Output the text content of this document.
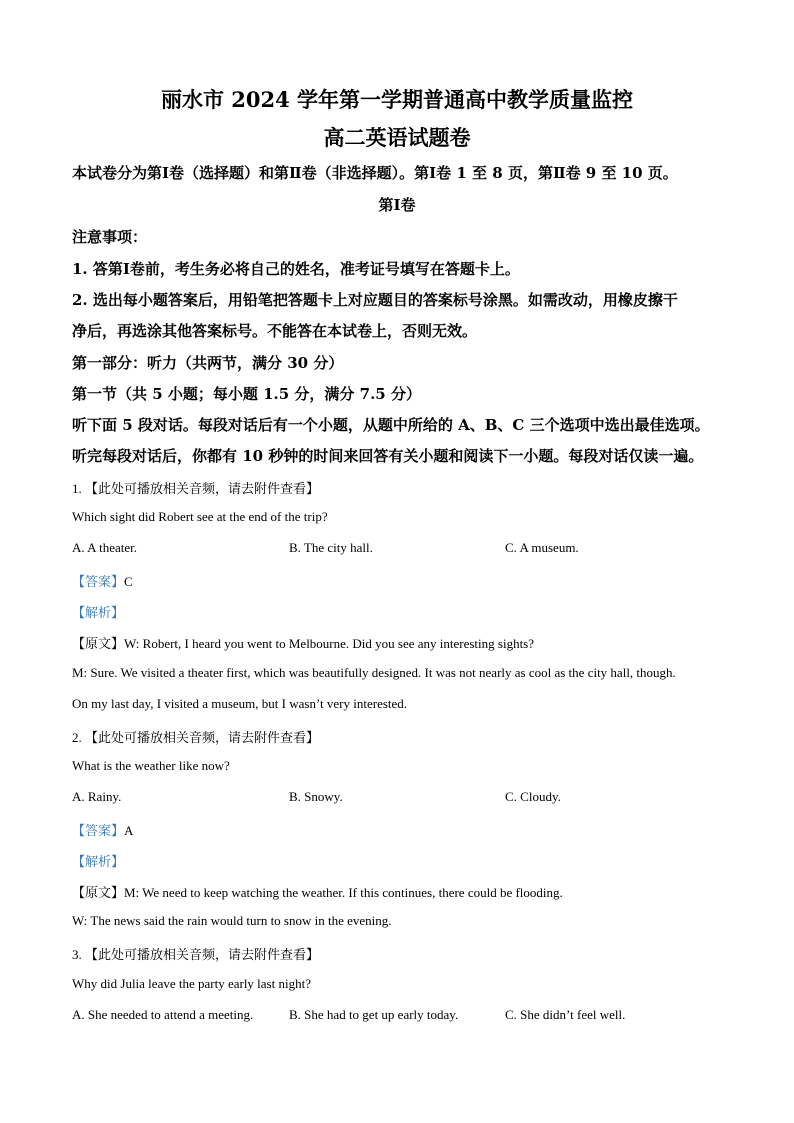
丽水市 2024 学年第一学期普通高中教学质量监控
高二英语试题卷
本试卷分为第Ⅰ卷（选择题）和第Ⅱ卷（非选择题）。第Ⅰ卷 1 至 8 页，第Ⅱ卷 9 至 10 页。
第Ⅰ卷
注意事项：
1. 答第Ⅰ卷前，考生务必将自己的姓名，准考证号填写在答题卡上。
2. 选出每小题答案后，用铅笔把答题卡上对应题目的答案标号涂黑。如需改动，用橡皮擦干
净后，再选涂其他答案标号。不能答在本试卷上，否则无效。
第一部分：听力（共两节，满分 30 分）
第一节（共 5 小题；每小题 1.5 分，满分 7.5 分）
听下面 5 段对话。每段对话后有一个小题，从题中所给的 A、B、C 三个选项中选出最佳选项。
听完每段对话后，你都有 10 秒钟的时间来回答有关小题和阅读下一小题。每段对话仅读一遍。
1. 【此处可播放相关音频，请去附件查看】
Which sight did Robert see at the end of the trip?
A. A theater.	B. The city hall.	C. A museum.
【答案】C
【解析】
【原文】W: Robert, I heard you went to Melbourne. Did you see any interesting sights?
M: Sure. We visited a theater first, which was beautifully designed. It was not nearly as cool as the city hall, though.
On my last day, I visited a museum, but I wasn’t very interested.
2. 【此处可播放相关音频，请去附件查看】
What is the weather like now?
A. Rainy.	B. Snowy.	C. Cloudy.
【答案】A
【解析】
【原文】M: We need to keep watching the weather. If this continues, there could be flooding.
W: The news said the rain would turn to snow in the evening.
3. 【此处可播放相关音频，请去附件查看】
Why did Julia leave the party early last night?
A. She needed to attend a meeting.	B. She had to get up early today.	C. She didn’t feel well.
